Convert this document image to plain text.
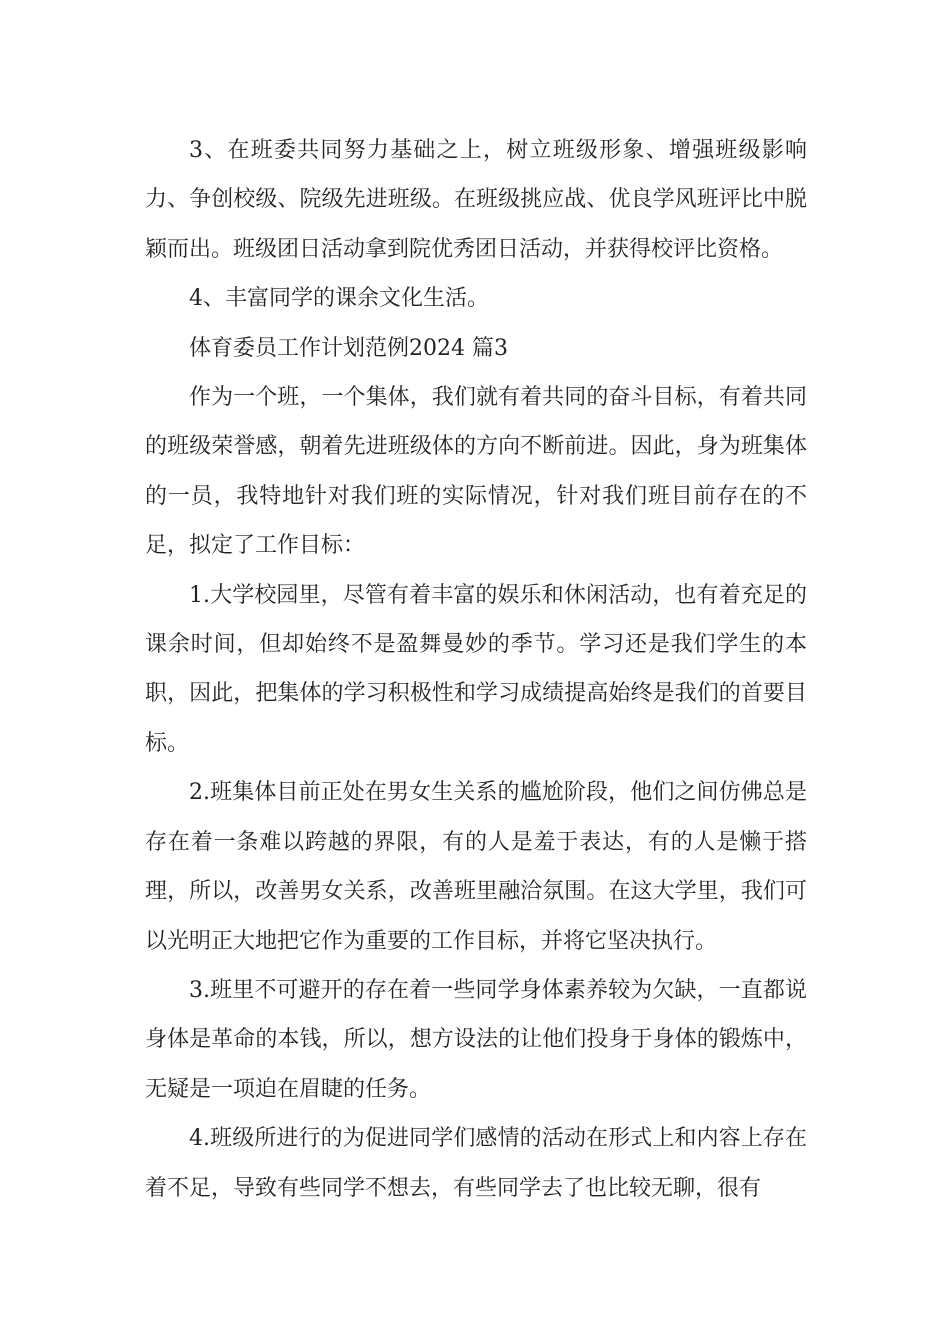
3、在班委共同努力基础之上，树立班级形象、增强班级影响力、争创校级、院级先进班级。在班级挑应战、优良学风班评比中脱颖而出。班级团日活动拿到院优秀团日活动，并获得校评比资格。

4、丰富同学的课余文化生活。

体育委员工作计划范例2024 篇3

作为一个班，一个集体，我们就有着共同的奋斗目标，有着共同的班级荣誉感，朝着先进班级体的方向不断前进。因此，身为班集体的一员，我特地针对我们班的实际情况，针对我们班目前存在的不足，拟定了工作目标：

1.大学校园里，尽管有着丰富的娱乐和休闲活动，也有着充足的课余时间，但却始终不是盈舞曼妙的季节。学习还是我们学生的本职，因此，把集体的学习积极性和学习成绩提高始终是我们的首要目标。

2.班集体目前正处在男女生关系的尴尬阶段，他们之间仿佛总是存在着一条难以跨越的界限，有的人是羞于表达，有的人是懒于搭理，所以，改善男女关系，改善班里融洽氛围。在这大学里，我们可以光明正大地把它作为重要的工作目标，并将它坚决执行。

3.班里不可避开的存在着一些同学身体素养较为欠缺，一直都说身体是革命的本钱，所以，想方设法的让他们投身于身体的锻炼中，无疑是一项迫在眉睫的任务。

4.班级所进行的为促进同学们感情的活动在形式上和内容上存在着不足，导致有些同学不想去，有些同学去了也比较无聊，很有
